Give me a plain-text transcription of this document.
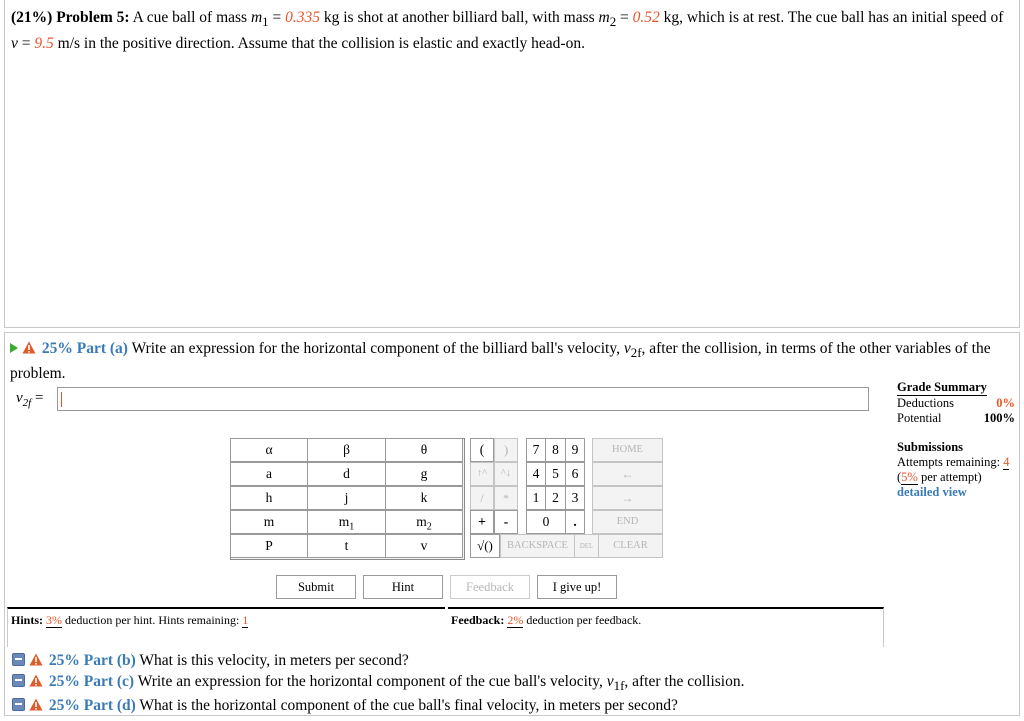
(21%) Problem 5: A cue ball of mass $m_1 = 0.335$ kg is shot at another billiard ball, with mass $m_2 = 0.52$ kg, which is at rest. The cue ball has an initial speed of v = 9.5 m/s in the positive direction. Assume that the collision is elastic and exactly head-on.
25% Part (a) Write an expression for the horizontal component of the billiard ball's velocity, $v_{2f}$, after the collision, in terms of the other variables of the problem.
$v_{2f}$ =
Grade Summary
Deductions	0%
Potential	100%
Submissions
Attempts remaining: 4
(5% per attempt)
detailed view
α	β	θ
a	d	g
h	j	k
m	$m_1$	$m_2$
P	t	v
(	)
↑^	^↓
/	*
+	-
√()
7 8 9
4 5 6
1 2 3
0	.
BACKSPACE	DEL
HOME
←
→
END
CLEAR
Submit	Hint	Feedback	I give up!
Hints: 3% deduction per hint. Hints remaining: 1	Feedback: 2% deduction per feedback.
25% Part (b) What is this velocity, in meters per second?
25% Part (c) Write an expression for the horizontal component of the cue ball's velocity, $v_{1f}$, after the collision.
25% Part (d) What is the horizontal component of the cue ball's final velocity, in meters per second?
